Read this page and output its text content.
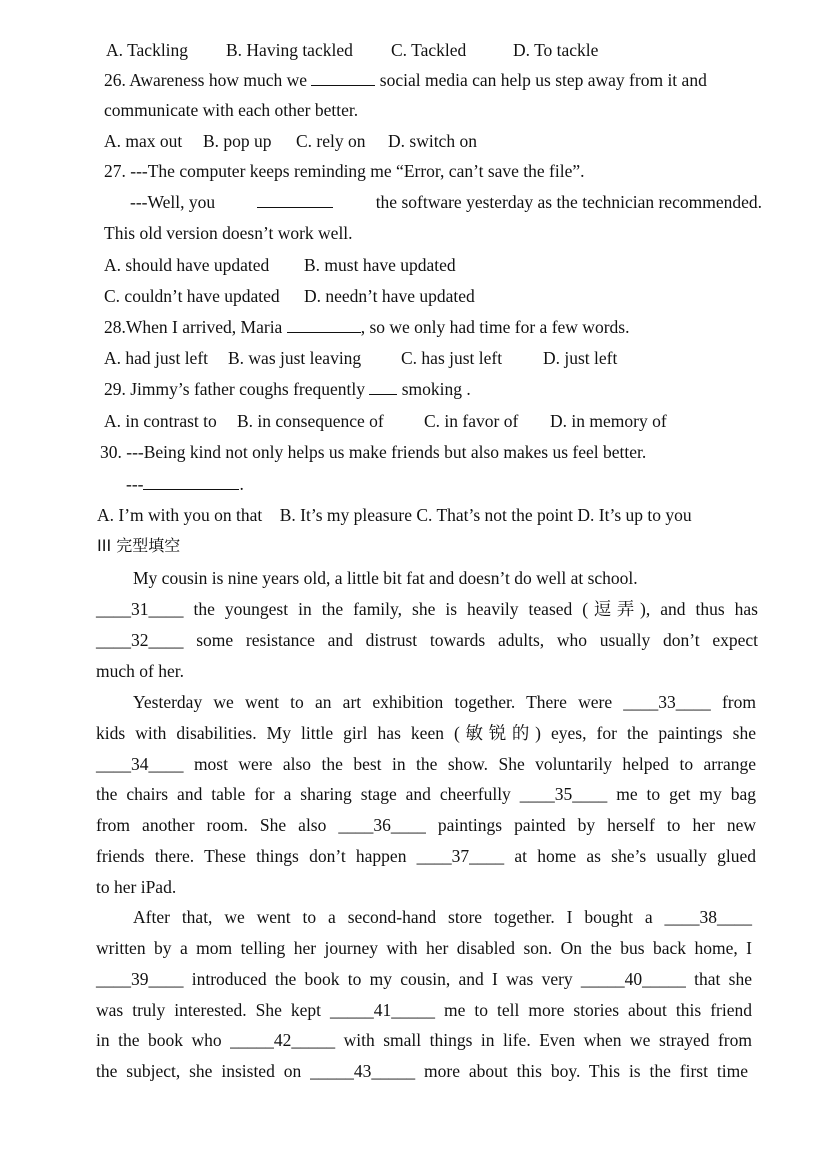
A. Tackling B. Having tackled C. Tackled	D. To tackle
26. Awareness how much we	social media can help us step away from it and
communicate with each other better.
A. max out B. pop up C. rely on D. switch on
27. ---The computer keeps reminding me “Error, can’t save the file”.
---Well, you	the software yesterday as the technician recommended.
This old version doesn’t work well.
A. should have updated B. must have updated
C. couldn’t have updated D. needn’t have updated
28.When I arrived, Maria	, so we only had time for a few words.
A. had just left B. was just leaving C. has just left D. just left
29. Jimmy’s father coughs frequently smoking .
A. in contrast to B. in consequence of C. in favor of D. in memory of
30. ---Being kind not only helps us make friends but also makes us feel better.
---	.
A. I’m with you on that    B. It’s my pleasure C. That’s not the point D. It’s up to you
III 完型填空
My cousin is nine years old, a little bit fat and doesn’t do well at school.
____31____ the youngest in the family, she is heavily teased (逗弄), and thus has
____32____ some resistance and distrust towards adults, who usually don’t expect
much of her.
Yesterday we went to an art exhibition together. There were ____33____ from
kids with disabilities. My little girl has keen (敏锐的) eyes, for the paintings she
____34____ most were also the best in the show. She voluntarily helped to arrange
the chairs and table for a sharing stage and cheerfully ____35____ me to get my bag
from another room. She also ____36____ paintings painted by herself to her new
friends there. These things don’t happen ____37____ at home as she’s usually glued
to her iPad.
After that, we went to a second-hand store together. I bought a ____38____
written by a mom telling her journey with her disabled son. On the bus back home, I
____39____ introduced the book to my cousin, and I was very _____40_____ that she
was truly interested. She kept _____41_____ me to tell more stories about this friend
in the book who _____42_____ with small things in life. Even when we strayed from
the subject, she insisted on _____43_____ more about this boy. This is the first time
